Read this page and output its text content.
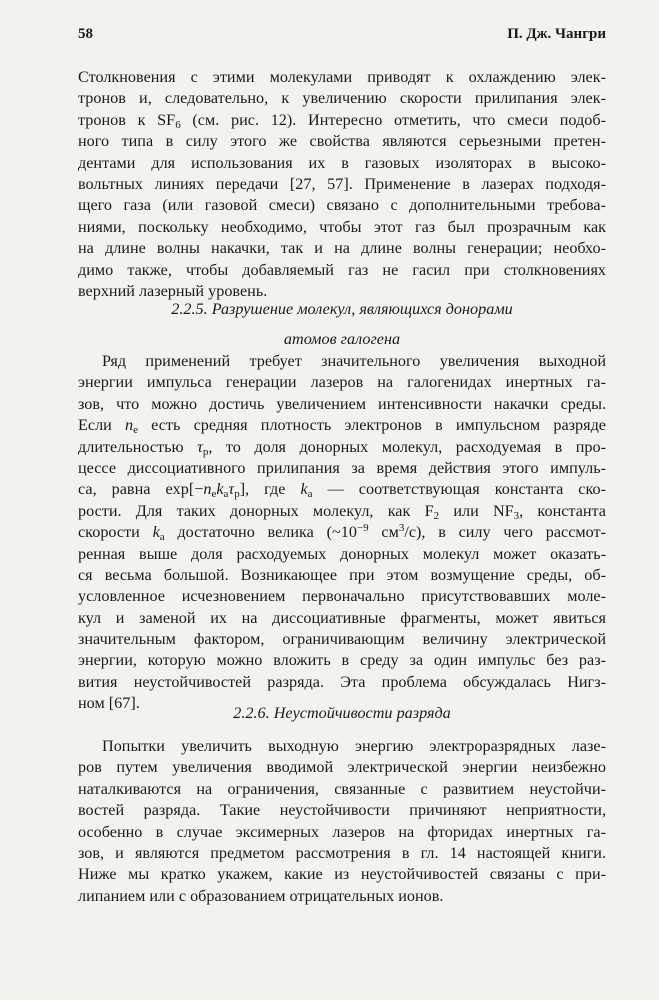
58	П. Дж. Чангри
Столкновения с этими молекулами приводят к охлаждению элек-
тронов и, следовательно, к увеличению скорости прилипания элек-
тронов к $SF_6$ (см. рис. 12). Интересно отметить, что смеси подоб-
ного типа в силу этого же свойства являются серьезными претен-
дентами для использования их в газовых изоляторах в высоко-
вольтных линиях передачи [27, 57]. Применение в лазерах подходя-
щего газа (или газовой смеси) связано с дополнительными требова-
ниями, поскольку необходимо, чтобы этот газ был прозрачным как
на длине волны накачки, так и на длине волны генерации; необхо-
димо также, чтобы добавляемый газ не гасил при столкновениях
верхний лазерный уровень.
2.2.5. Разрушение молекул, являющихся донорами
атомов галогена
Ряд применений требует значительного увеличения выходной
энергии импульса генерации лазеров на галогенидах инертных га-
зов, что можно достичь увеличением интенсивности накачки среды.
Если $n_e$ есть средняя плотность электронов в импульсном разряде
длительностью $\tau_p$, то доля донорных молекул, расходуемая в про-
цессе диссоциативного прилипания за время действия этого импуль-
са, равна $\exp[-n_ek_a\tau_p]$, где $k_a$ — соответствующая константа ско-
рости. Для таких донорных молекул, как $F_2$ или $NF_3$, константа
скорости $k_a$ достаточно велика ($\sim 10^{-9}$ $см^3/с$), в силу чего рассмот-
ренная выше доля расходуемых донорных молекул может оказать-
ся весьма большой. Возникающее при этом возмущение среды, об-
условленное исчезновением первоначально присутствовавших моле-
кул и заменой их на диссоциативные фрагменты, может явиться
значительным фактором, ограничивающим величину электрической
энергии, которую можно вложить в среду за один импульс без раз-
вития неустойчивостей разряда. Эта проблема обсуждалась Нигз-
ном [67].
2.2.6. Неустойчивости разряда
Попытки увеличить выходную энергию электроразрядных лазе-
ров путем увеличения вводимой электрической энергии неизбежно
наталкиваются на ограничения, связанные с развитием неустойчи-
востей разряда. Такие неустойчивости причиняют неприятности,
особенно в случае эксимерных лазеров на фторидах инертных га-
зов, и являются предметом рассмотрения в гл. 14 настоящей книги.
Ниже мы кратко укажем, какие из неустойчивостей связаны с при-
липанием или с образованием отрицательных ионов.
